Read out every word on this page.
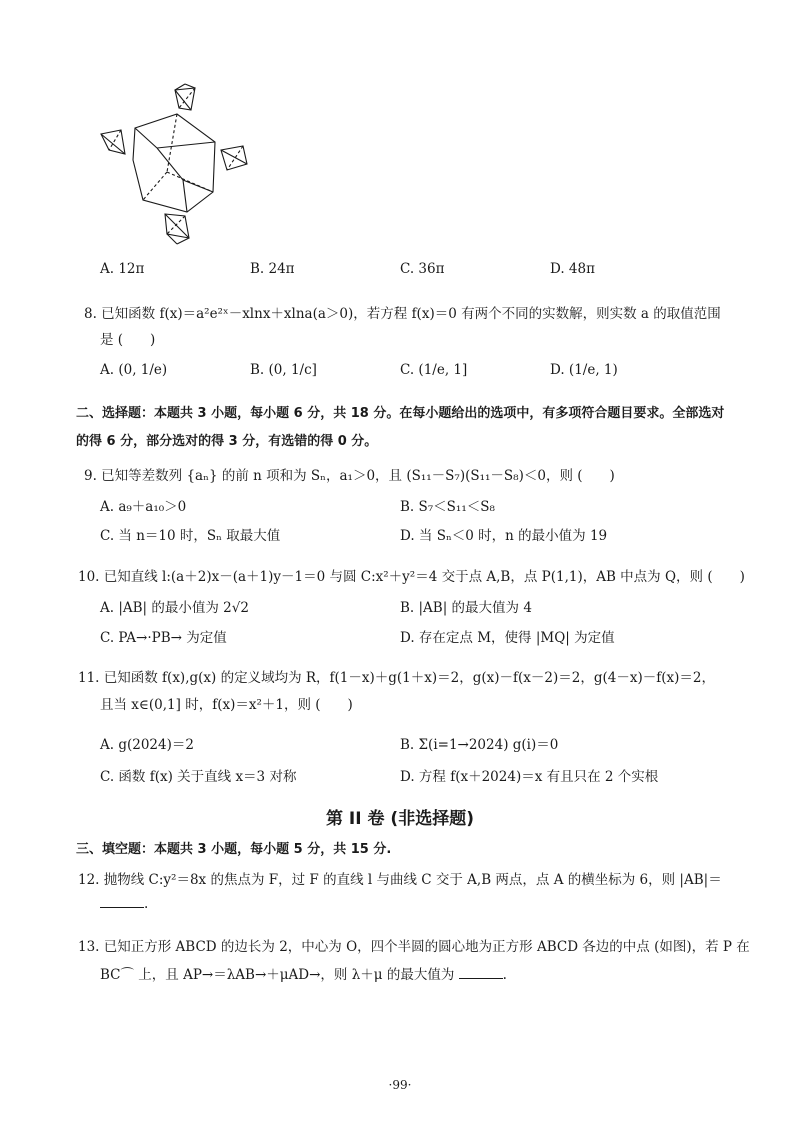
A. 12π	B. 24π	C. 36π	D. 48π
8. 已知函数 f(x)＝a²e²ˣ－xlnx＋xlna(a＞0)，若方程 f(x)＝0 有两个不同的实数解，则实数 a 的取值范围
是 (　　)
A. (0, 1/e)	B. (0, 1/c]	C. (1/e, 1]	D. (1/e, 1)
二、选择题：本题共 3 小题，每小题 6 分，共 18 分。在每小题给出的选项中，有多项符合题目要求。全部选对
的得 6 分，部分选对的得 3 分，有选错的得 0 分。
9. 已知等差数列 {aₙ} 的前 n 项和为 Sₙ，a₁＞0，且 (S₁₁－S₇)(S₁₁－S₈)＜0，则 (　　)
A. a₉＋a₁₀＞0	B. S₇＜S₁₁＜S₈
C. 当 n＝10 时，Sₙ 取最大值	D. 当 Sₙ＜0 时，n 的最小值为 19
10. 已知直线 l:(a＋2)x－(a＋1)y－1＝0 与圆 C:x²＋y²＝4 交于点 A,B，点 P(1,1)，AB 中点为 Q，则 (　　)
A. |AB| 的最小值为 2√2	B. |AB| 的最大值为 4
C. PA→·PB→ 为定值	D. 存在定点 M，使得 |MQ| 为定值
11. 已知函数 f(x),g(x) 的定义域均为 R，f(1－x)＋g(1＋x)＝2，g(x)－f(x－2)＝2，g(4－x)－f(x)＝2，
且当 x∈(0,1] 时，f(x)＝x²＋1，则 (　　)
A. g(2024)＝2	B. Σ(i=1→2024) g(i)＝0
C. 函数 f(x) 关于直线 x＝3 对称	D. 方程 f(x＋2024)＝x 有且只在 2 个实根
第 II 卷 (非选择题)
三、填空题：本题共 3 小题，每小题 5 分，共 15 分.
12. 抛物线 C:y²＝8x 的焦点为 F，过 F 的直线 l 与曲线 C 交于 A,B 两点，点 A 的横坐标为 6，则 |AB|＝
.
13. 已知正方形 ABCD 的边长为 2，中心为 O，四个半圆的圆心地为正方形 ABCD 各边的中点 (如图)，若 P 在
BC⌒ 上，且 AP→＝λAB→＋μAD→，则 λ＋μ 的最大值为	.
·99·
